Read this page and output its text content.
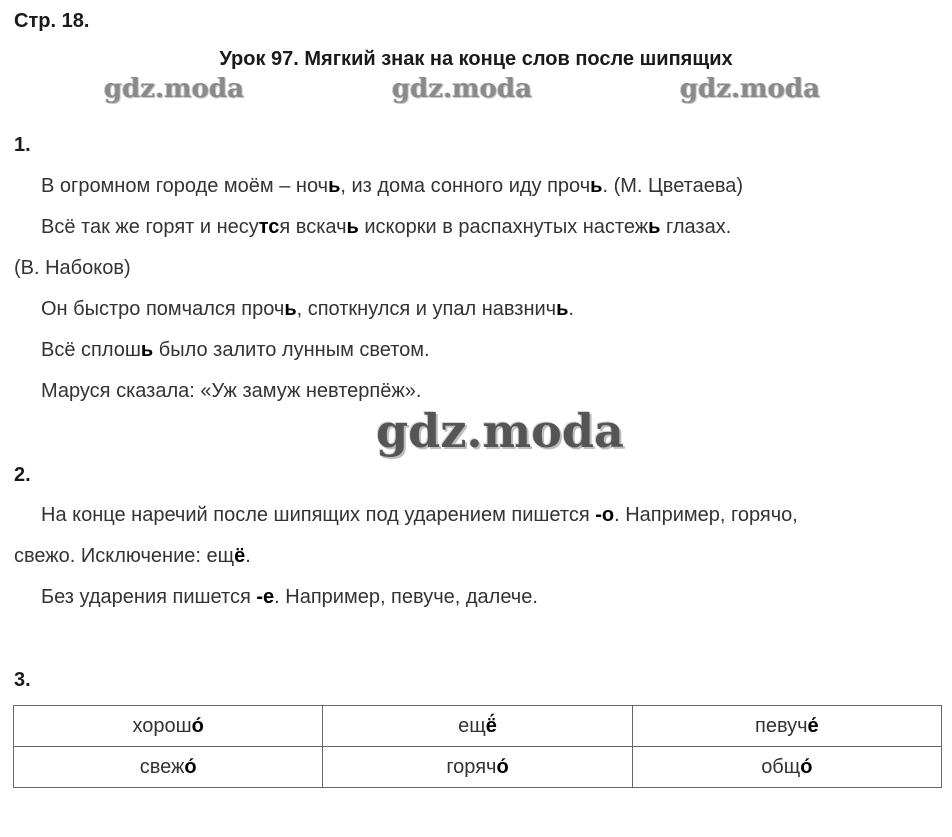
Стр. 18.
Урок 97. Мягкий знак на конце слов после шипящих
gdz.moda	gdz.moda	gdz.moda
1.
В огромном городе моём – ночь, из дома сонного иду прочь. (М. Цветаева)
Всё так же горят и несутся вскачь искорки в распахнутых настежь глазах.
(В. Набоков)
Он быстро помчался прочь, споткнулся и упал навзничь.
Всё сплошь было залито лунным светом.
Маруся сказала: «Уж замуж невтерпёж».
gdz.moda
2.
На конце наречий после шипящих под ударением пишется -о. Например, горячо,
свежо. Исключение: ещё.
Без ударения пишется -е. Например, певуче, далече.
3.
хорошо́	ещё́	певуче́
свежо́	горячо́	общо́
